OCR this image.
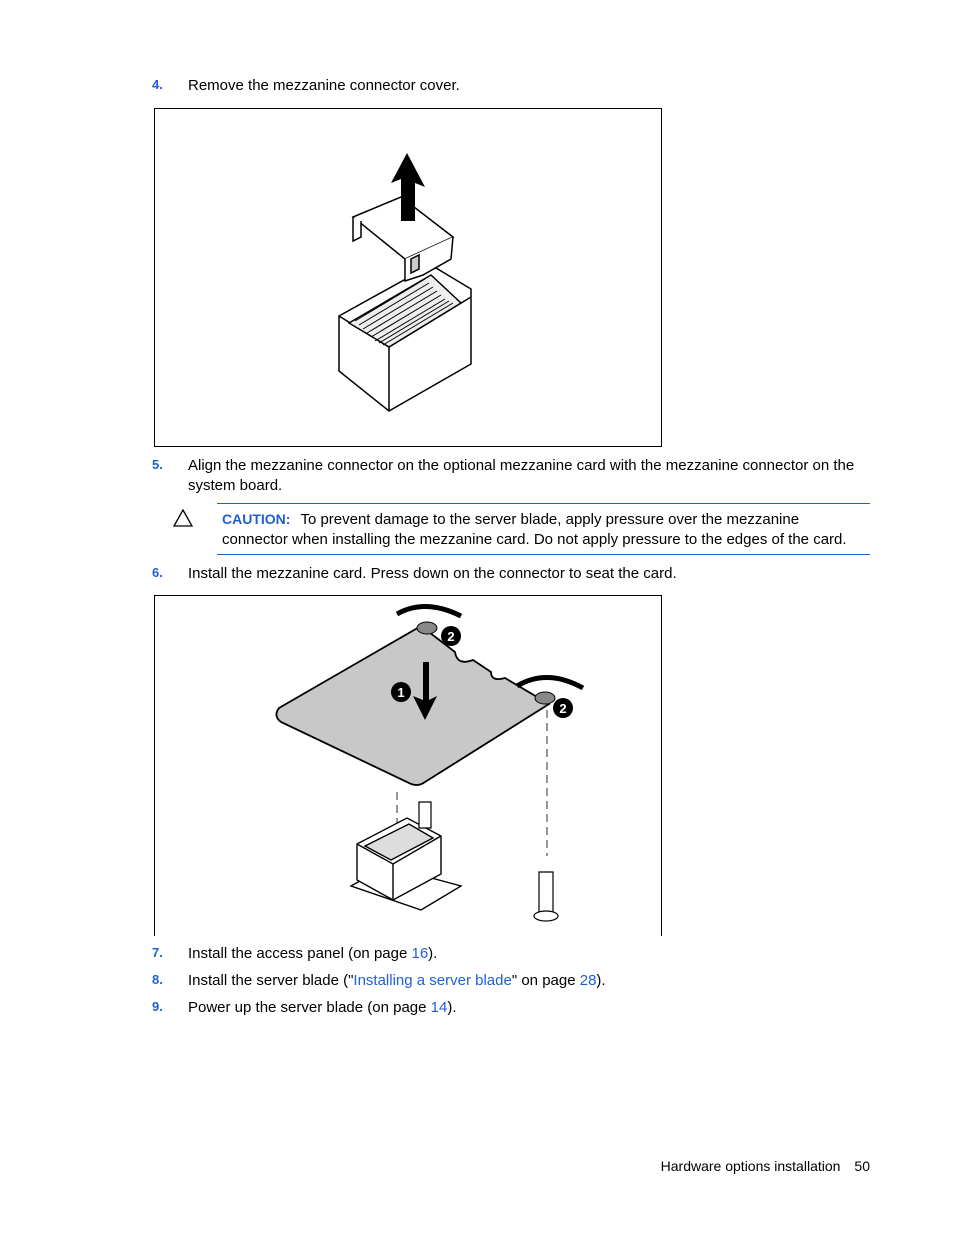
4. Remove the mezzanine connector cover.
5. Align the mezzanine connector on the optional mezzanine card with the mezzanine connector on the
system board.
CAUTION: To prevent damage to the server blade, apply pressure over the mezzanine
connector when installing the mezzanine card. Do not apply pressure to the edges of the card.
6. Install the mezzanine card. Press down on the connector to seat the card.
1
2
2
7. Install the access panel (on page 16).
8. Install the server blade ("Installing a server blade" on page 28).
9. Power up the server blade (on page 14).
Hardware options installation 50
